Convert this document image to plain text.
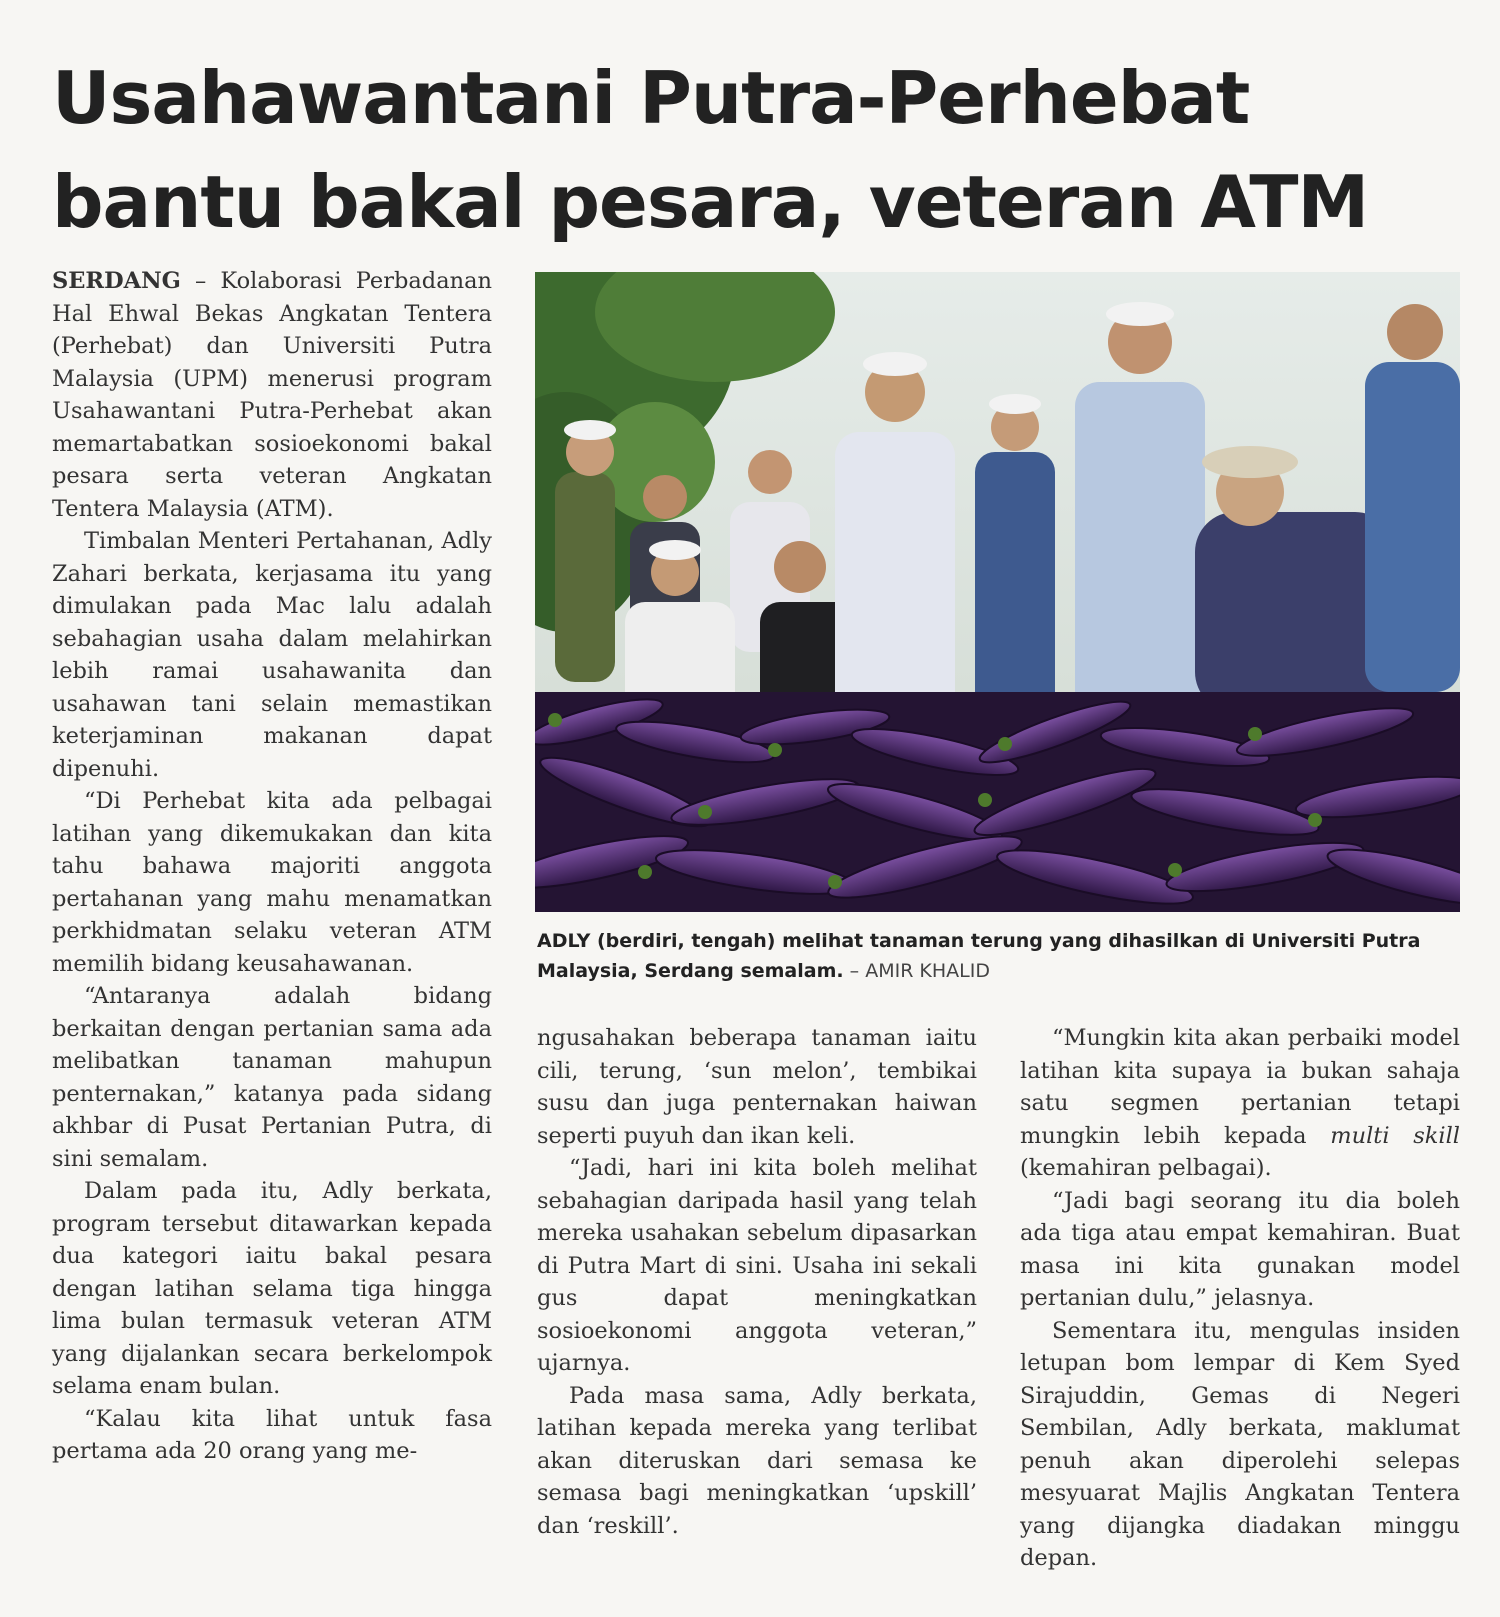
Usahawantani Putra-Perhebat
bantu bakal pesara, veteran ATM

SERDANG – Kolaborasi Perbadanan Hal Ehwal Bekas Angkatan Tentera (Perhebat) dan Universiti Putra Malaysia (UPM) menerusi program Usahawantani Putra-Perhebat akan memartabatkan sosioekonomi bakal pesara serta veteran Angkatan Tentera Malaysia (ATM).

Timbalan Menteri Pertahanan, Adly Zahari berkata, kerjasama itu yang dimulakan pada Mac lalu adalah sebahagian usaha dalam melahirkan lebih ramai usahawanita dan usahawan tani selain memastikan keterjaminan makanan dapat dipenuhi.

“Di Perhebat kita ada pelbagai latihan yang dikemukakan dan kita tahu bahawa majoriti anggota pertahanan yang mahu menamatkan perkhidmatan selaku veteran ATM memilih bidang keusahawanan.

“Antaranya adalah bidang berkaitan dengan pertanian sama ada melibatkan tanaman mahupun penternakan,” katanya pada sidang akhbar di Pusat Pertanian Putra, di sini semalam.

Dalam pada itu, Adly berkata, program tersebut ditawarkan kepada dua kategori iaitu bakal pesara dengan latihan selama tiga hingga lima bulan termasuk veteran ATM yang dijalankan secara berkelompok selama enam bulan.

“Kalau kita lihat untuk fasa pertama ada 20 orang yang me-

ADLY (berdiri, tengah) melihat tanaman terung yang dihasilkan di Universiti Putra Malaysia, Serdang semalam. – AMIR KHALID

ngusahakan beberapa tanaman iaitu cili, terung, ‘sun melon’, tembikai susu dan juga penternakan haiwan seperti puyuh dan ikan keli.

“Jadi, hari ini kita boleh melihat sebahagian daripada hasil yang telah mereka usahakan sebelum dipasarkan di Putra Mart di sini. Usaha ini sekali gus dapat meningkatkan sosioekonomi anggota veteran,” ujarnya.

Pada masa sama, Adly berkata, latihan kepada mereka yang terlibat akan diteruskan dari semasa ke semasa bagi meningkatkan ‘upskill’ dan ‘reskill’.

“Mungkin kita akan perbaiki model latihan kita supaya ia bukan sahaja satu segmen pertanian tetapi mungkin lebih kepada multi skill (kemahiran pelbagai).

“Jadi bagi seorang itu dia boleh ada tiga atau empat kemahiran. Buat masa ini kita gunakan model pertanian dulu,” jelasnya.

Sementara itu, mengulas insiden letupan bom lempar di Kem Syed Sirajuddin, Gemas di Negeri Sembilan, Adly berkata, maklumat penuh akan diperolehi selepas mesyuarat Majlis Angkatan Tentera yang dijangka diadakan minggu depan.
